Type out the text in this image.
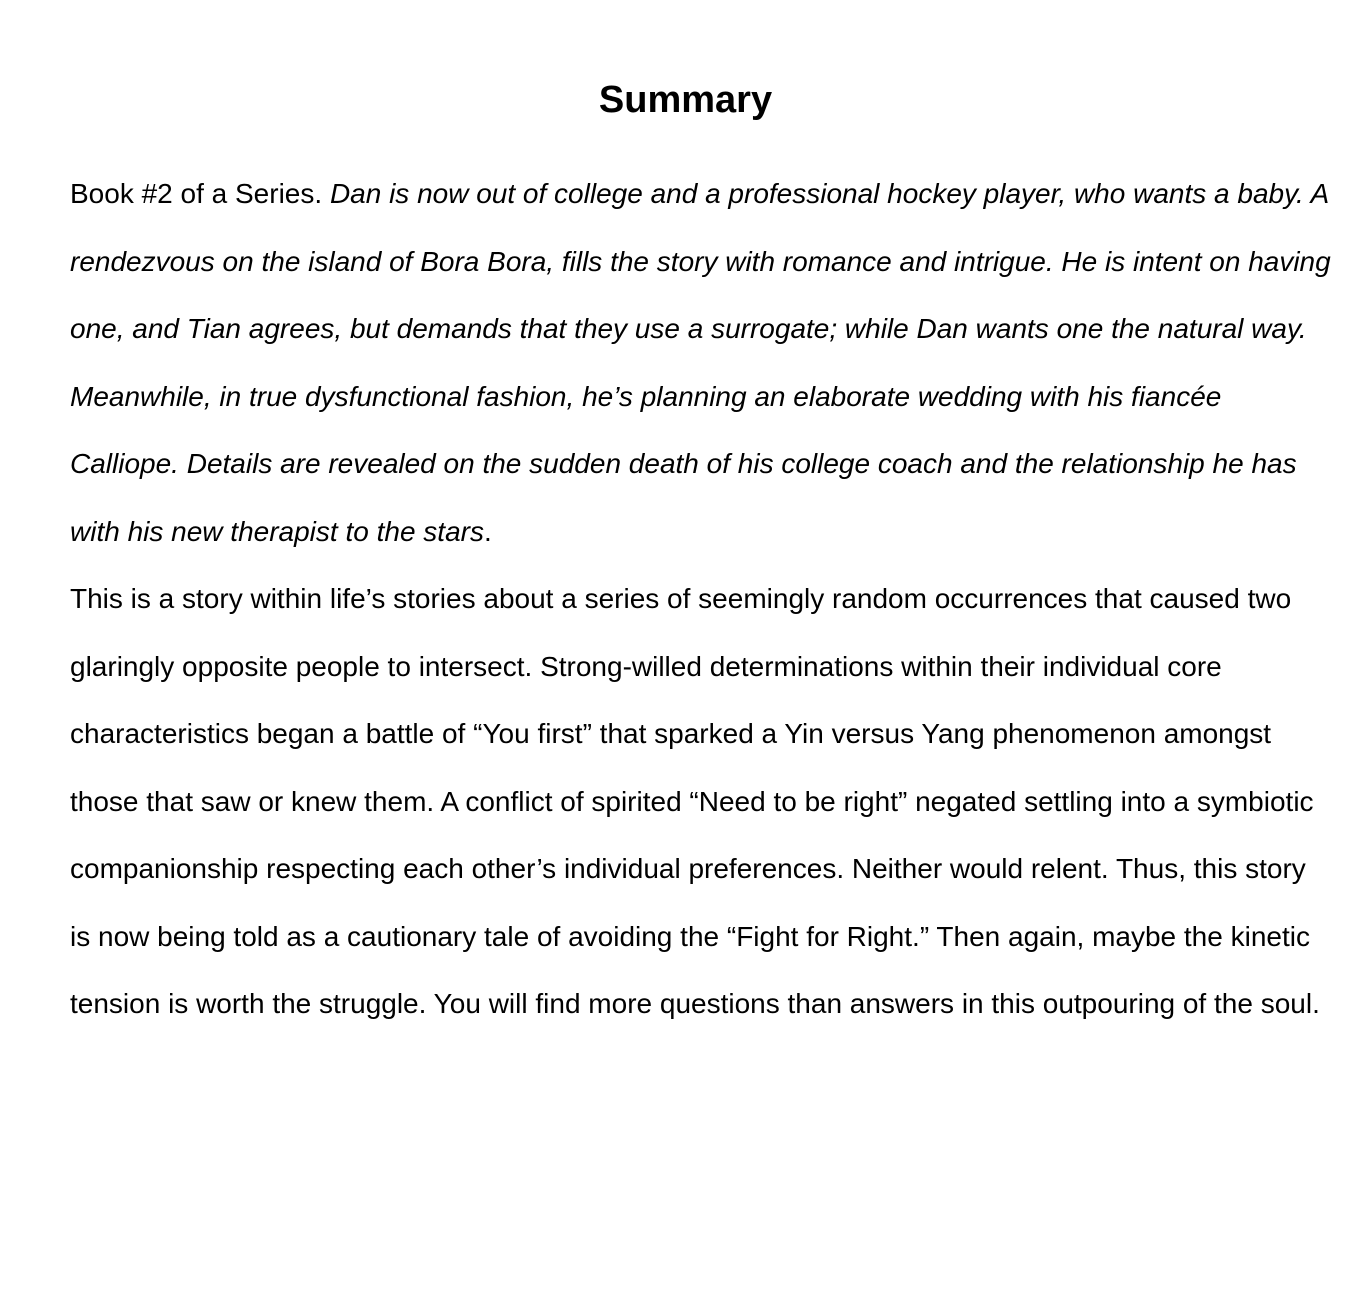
Summary

Book #2 of a Series. Dan is now out of college and a professional hockey player, who wants a baby. A rendezvous on the island of Bora Bora, fills the story with romance and intrigue. He is intent on having one, and Tian agrees, but demands that they use a surrogate; while Dan wants one the natural way. Meanwhile, in true dysfunctional fashion, he’s planning an elaborate wedding with his fiancée Calliope. Details are revealed on the sudden death of his college coach and the relationship he has with his new therapist to the stars.

This is a story within life’s stories about a series of seemingly random occurrences that caused two glaringly opposite people to intersect. Strong-willed determinations within their individual core characteristics began a battle of “You first” that sparked a Yin versus Yang phenomenon amongst those that saw or knew them. A conflict of spirited “Need to be right” negated settling into a symbiotic companionship respecting each other’s individual preferences. Neither would relent. Thus, this story is now being told as a cautionary tale of avoiding the “Fight for Right.” Then again, maybe the kinetic tension is worth the struggle. You will find more questions than answers in this outpouring of the soul.
